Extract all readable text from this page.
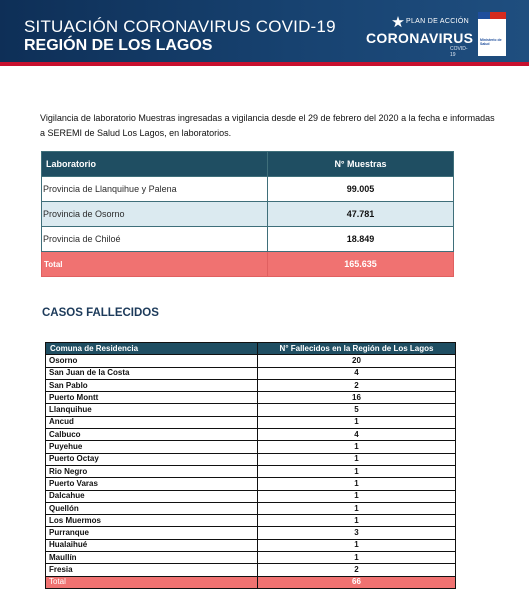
SITUACIÓN CORONAVIRUS COVID-19
REGIÓN DE LOS LAGOS
PLAN DE ACCIÓN
CORONAVIRUS
COVID-19
Ministerio de Salud
Vigilancia de laboratorio Muestras ingresadas a vigilancia desde el 29 de febrero del 2020 a la fecha e informadas a SEREMI de Salud Los Lagos, en laboratorios.
Laboratorio	N° Muestras
Provincia de Llanquihue y Palena	99.005
Provincia de Osorno	47.781
Provincia de Chiloé	18.849
Total	165.635
CASOS FALLECIDOS
Comuna de Residencia	N° Fallecidos en la Región de Los Lagos
Osorno	20
San Juan de la Costa	4
San Pablo	2
Puerto Montt	16
Llanquihue	5
Ancud	1
Calbuco	4
Puyehue	1
Puerto Octay	1
Rio Negro	1
Puerto Varas	1
Dalcahue	1
Quellón	1
Los Muermos	1
Purranque	3
Hualaihué	1
Maullín	1
Fresia	2
Total	66
